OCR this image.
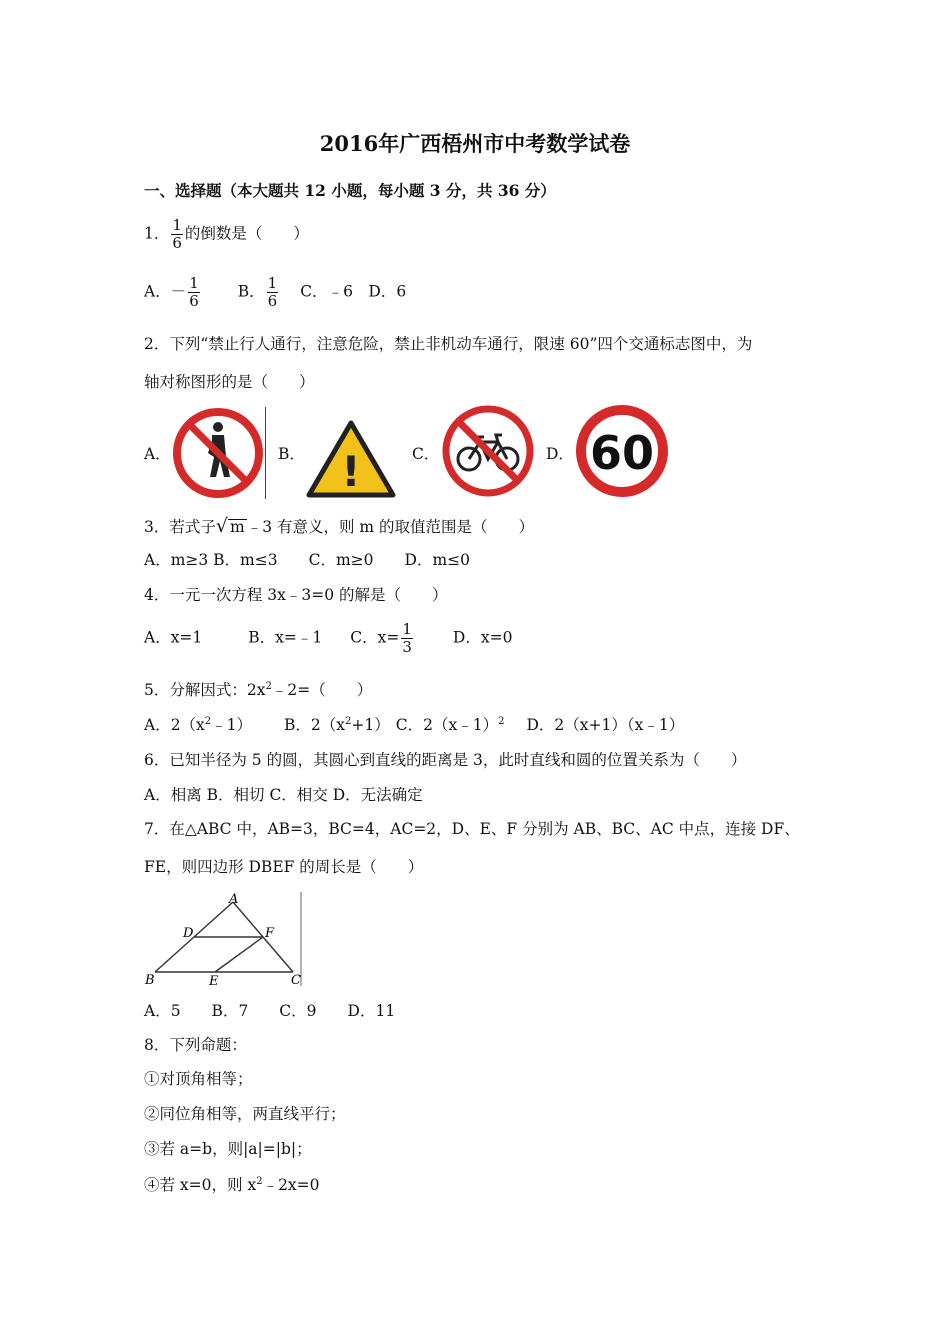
2016年广西梧州市中考数学试卷
一、选择题（本大题共 12 小题，每小题 3 分，共 36 分）
1． $\frac{1}{6}$ 的倒数是（　　）
A．－ $\frac{1}{6}$ B． $\frac{1}{6}$ C．﹣6　D．6
2．下列“禁止行人通行，注意危险，禁止非机动车通行，限速 60”四个交通标志图中，为
轴对称图形的是（　　）
A．	B． !	C．	D． 60
3．若式子√ m ﹣3 有意义，则 m 的取值范围是（　　）
A．m≥3 B．m≤3　　C．m≥0　　D．m≤0
4．一元一次方程 3x﹣3=0 的解是（　　）
A．x=1	B．x=﹣1 C．$x= \frac{1}{3}$	D．x=0
5．分解因式：$2x^2﹣2=$（　　）
A．$2(x^2﹣1)$ B．$2(x^2+1)$ C．2（x﹣1）$^2$ D．2（x+1）（x﹣1）
6．已知半径为 5 的圆，其圆心到直线的距离是 3，此时直线和圆的位置关系为（　　）
A．相离 B．相切 C．相交 D．无法确定
7．在△ABC 中，AB=3，BC=4，AC=2，D、E、F 分别为 AB、BC、AC 中点，连接 DF、
FE，则四边形 DBEF 的周长是（　　）
A
B	C
D
E
F
A．5　　B．7　　C．9　　D．11
8．下列命题：
①对顶角相等；
②同位角相等，两直线平行；
③若 a=b，则|a|=|b|；
④若 x=0，则 $x^2﹣2x=0$
